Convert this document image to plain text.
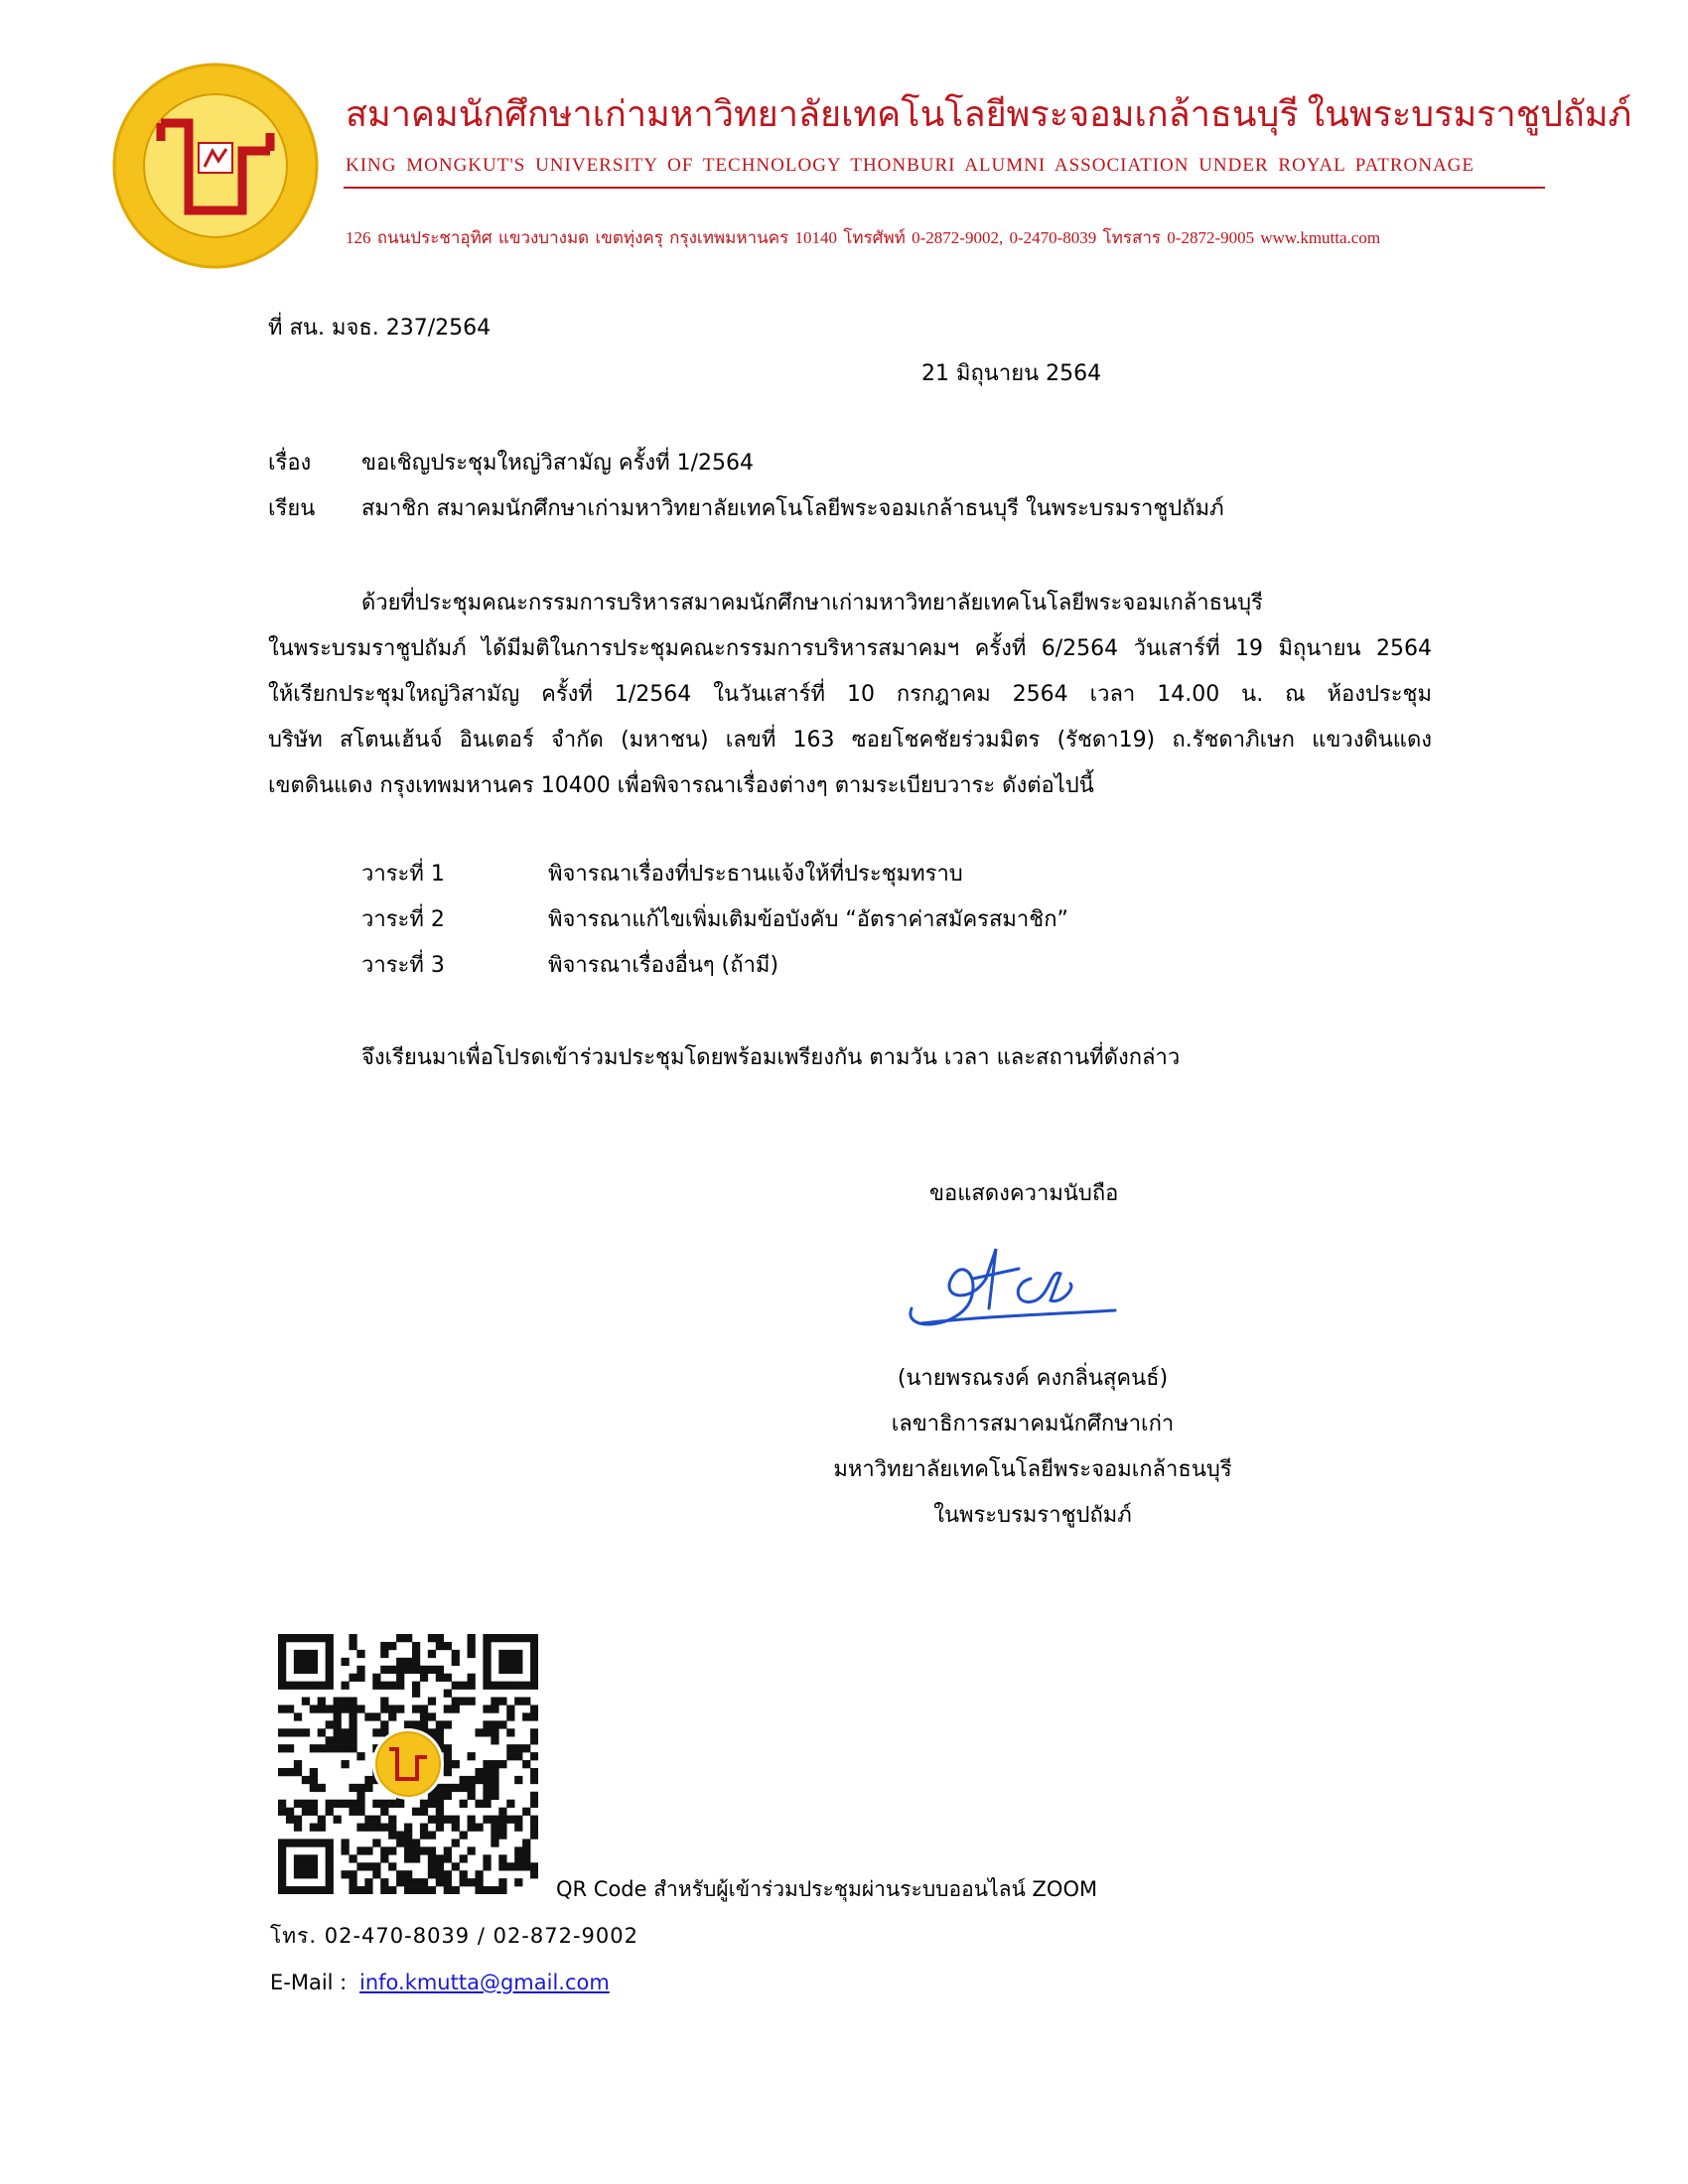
สมาคมนักศึกษาเก่ามหาวิทยาลัยเทคโนโลยีพระจอมเกล้าธนบุรี ในพระบรมราชูปถัมภ์
KING MONGKUT'S UNIVERSITY OF TECHNOLOGY THONBURI ALUMNI ASSOCIATION UNDER ROYAL PATRONAGE
126 ถนนประชาอุทิศ แขวงบางมด เขตทุ่งครุ กรุงเทพมหานคร 10140 โทรศัพท์ 0-2872-9002, 0-2470-8039 โทรสาร 0-2872-9005 www.kmutta.com
ที่ สน. มจธ. 237/2564
21 มิถุนายน 2564
เรื่อง ขอเชิญประชุมใหญ่วิสามัญ ครั้งที่ 1/2564
เรียน สมาชิก สมาคมนักศึกษาเก่ามหาวิทยาลัยเทคโนโลยีพระจอมเกล้าธนบุรี ในพระบรมราชูปถัมภ์
ด้วยที่ประชุมคณะกรรมการบริหารสมาคมนักศึกษาเก่ามหาวิทยาลัยเทคโนโลยีพระจอมเกล้าธนบุรี
ในพระบรมราชูปถัมภ์ ได้มีมติในการประชุมคณะกรรมการบริหารสมาคมฯ ครั้งที่ 6/2564 วันเสาร์ที่ 19 มิถุนายน 2564
ให้เรียกประชุมใหญ่วิสามัญ ครั้งที่ 1/2564 ในวันเสาร์ที่ 10 กรกฎาคม 2564 เวลา 14.00 น. ณ ห้องประชุม
บริษัท สโตนเฮ้นจ์ อินเตอร์ จำกัด (มหาชน) เลขที่ 163 ซอยโชคชัยร่วมมิตร (รัชดา19) ถ.รัชดาภิเษก แขวงดินแดง
เขตดินแดง กรุงเทพมหานคร 10400 เพื่อพิจารณาเรื่องต่างๆ ตามระเบียบวาระ ดังต่อไปนี้
วาระที่ 1	พิจารณาเรื่องที่ประธานแจ้งให้ที่ประชุมทราบ
วาระที่ 2	พิจารณาแก้ไขเพิ่มเติมข้อบังคับ “อัตราค่าสมัครสมาชิก”
วาระที่ 3	พิจารณาเรื่องอื่นๆ (ถ้ามี)
จึงเรียนมาเพื่อโปรดเข้าร่วมประชุมโดยพร้อมเพรียงกัน ตามวัน เวลา และสถานที่ดังกล่าว
ขอแสดงความนับถือ
(นายพรณรงค์ คงกลิ่นสุคนธ์)
เลขาธิการสมาคมนักศึกษาเก่า
มหาวิทยาลัยเทคโนโลยีพระจอมเกล้าธนบุรี
ในพระบรมราชูปถัมภ์
QR Code สำหรับผู้เข้าร่วมประชุมผ่านระบบออนไลน์ ZOOM
โทร. 02-470-8039 / 02-872-9002
E-Mail : info.kmutta@gmail.com
